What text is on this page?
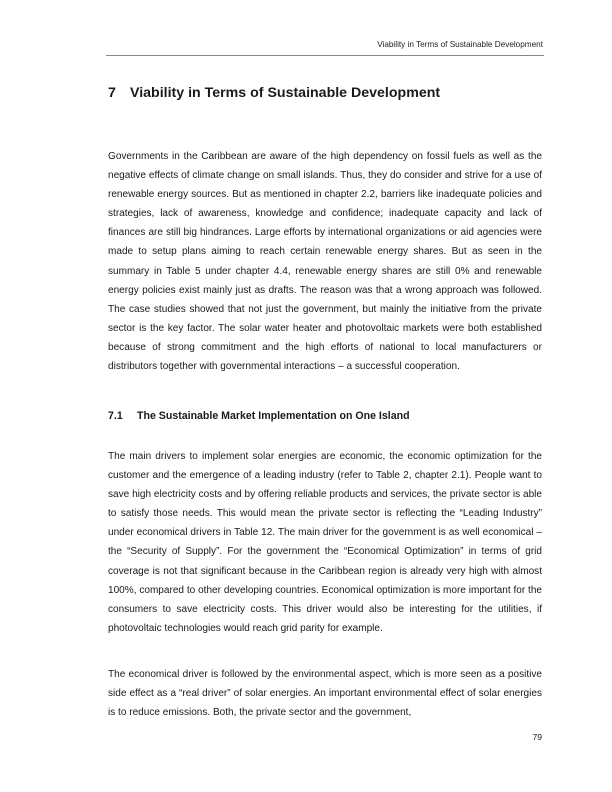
Viability in Terms of Sustainable Development
7 Viability in Terms of Sustainable Development

Governments in the Caribbean are aware of the high dependency on fossil fuels as well as the negative effects of climate change on small islands. Thus, they do consider and strive for a use of renewable energy sources. But as mentioned in chapter 2.2, barriers like inadequate policies and strategies, lack of awareness, knowledge and confidence; inadequate capacity and lack of finances are still big hindrances. Large efforts by international organizations or aid agencies were made to setup plans aiming to reach certain renewable energy shares. But as seen in the summary in Table 5 under chapter 4.4, renewable energy shares are still 0% and renewable energy policies exist mainly just as drafts. The reason was that a wrong approach was followed. The case studies showed that not just the government, but mainly the initiative from the private sector is the key factor. The solar water heater and photovoltaic markets were both established because of strong commitment and the high efforts of national to local manufacturers or distributors together with governmental interactions – a successful cooperation.

7.1 The Sustainable Market Implementation on One Island

The main drivers to implement solar energies are economic, the economic optimization for the customer and the emergence of a leading industry (refer to Table 2, chapter 2.1). People want to save high electricity costs and by offering reliable products and services, the private sector is able to satisfy those needs. This would mean the private sector is reflecting the “Leading Industry” under economical drivers in Table 12. The main driver for the government is as well economical – the “Security of Supply”. For the government the “Economical Optimization” in terms of grid coverage is not that significant because in the Caribbean region is already very high with almost 100%, compared to other developing countries. Economical optimization is more important for the consumers to save electricity costs. This driver would also be interesting for the utilities, if photovoltaic technologies would reach grid parity for example.

The economical driver is followed by the environmental aspect, which is more seen as a positive side effect as a “real driver” of solar energies. An important environmental effect of solar energies is to reduce emissions. Both, the private sector and the government,

79
